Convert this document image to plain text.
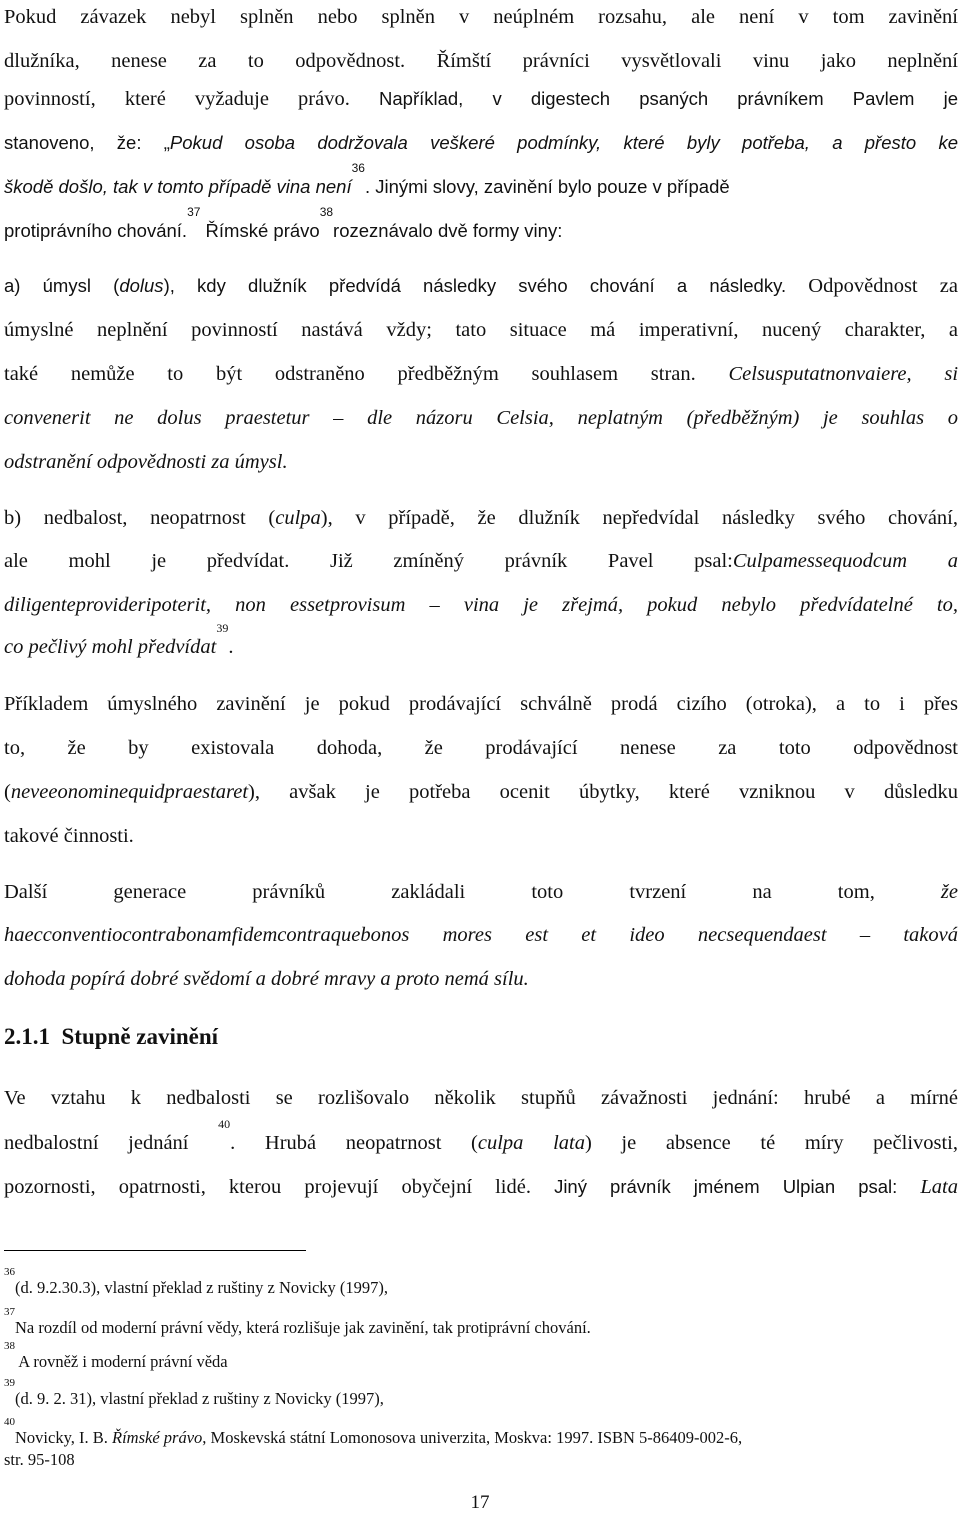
Pokud závazek nebyl splněn nebo splněn v neúplném rozsahu, ale není v tom zavinění
dlužníka, nenese za to odpovědnost. Římští právníci vysvětlovali vinu jako neplnění
povinností, které vyžaduje právo. Například, v digestech psaných právníkem Pavlem je
stanoveno, že: „Pokud osoba dodržovala veškeré podmínky, které byly potřeba, a přesto ke
škodě došlo, tak v tomto případě vina není$^{36}$. Jinými slovy, zavinění bylo pouze v případě
protiprávního chování.$^{37}$ Římské právo$^{38}$rozeznávalo dvě formy viny:
a) úmysl (dolus), kdy dlužník předvídá následky svého chování a následky. Odpovědnost za
úmyslné neplnění povinností nastává vždy; tato situace má imperativní, nucený charakter, a
také nemůže to být odstraněno předběžným souhlasem stran. Celsusputatnonvaiere, si
convenerit ne dolus praestetur – dle názoru Celsia, neplatným (předběžným) je souhlas o
odstranění odpovědnosti za úmysl.
b) nedbalost, neopatrnost (culpa), v případě, že dlužník nepředvídal následky svého chování,
ale mohl je předvídat. Již zmíněný právník Pavel psal:Culpamessequodcum a
diligenteprovideripoterit, non essetprovisum – vina je zřejmá, pokud nebylo předvídatelné to,
co pečlivý mohl předvídat$^{39}$.
Příkladem úmyslného zavinění je pokud prodávající schválně prodá cizího (otroka), a to i přes
to, že by existovala dohoda, že prodávající nenese za toto odpovědnost
(neveeonominequidpraestaret), avšak je potřeba ocenit úbytky, které vzniknou v důsledku
takové činnosti.
Další generace právníků zakládali toto tvrzení na tom, že
haecconventiocontrabonamfidemcontraquebonos mores est et ideo necsequendaest – taková
dohoda popírá dobré svědomí a dobré mravy a proto nemá sílu.
2.1.1 Stupně zavinění
Ve vztahu k nedbalosti se rozlišovalo několik stupňů závažnosti jednání: hrubé a mírné
nedbalostní jednání $^{40}$. Hrubá neopatrnost (culpa lata) je absence té míry pečlivosti,
pozornosti, opatrnosti, kterou projevují obyčejní lidé. Jiný právník jménem Ulpian psal: Lata
$^{36}$(d. 9.2.30.3), vlastní překlad z ruštiny z Novicky (1997),
$^{37}$Na rozdíl od moderní právní vědy, která rozlišuje jak zavinění, tak protiprávní chování.
$^{38}$ A rovněž i moderní právní věda
$^{39}$(d. 9. 2. 31), vlastní překlad z ruštiny z Novicky (1997),
$^{40}$Novicky, I. B. Římské právo, Moskevská státní Lomonosova univerzita, Moskva: 1997. ISBN 5-86409-002-6,
str. 95-108
17
